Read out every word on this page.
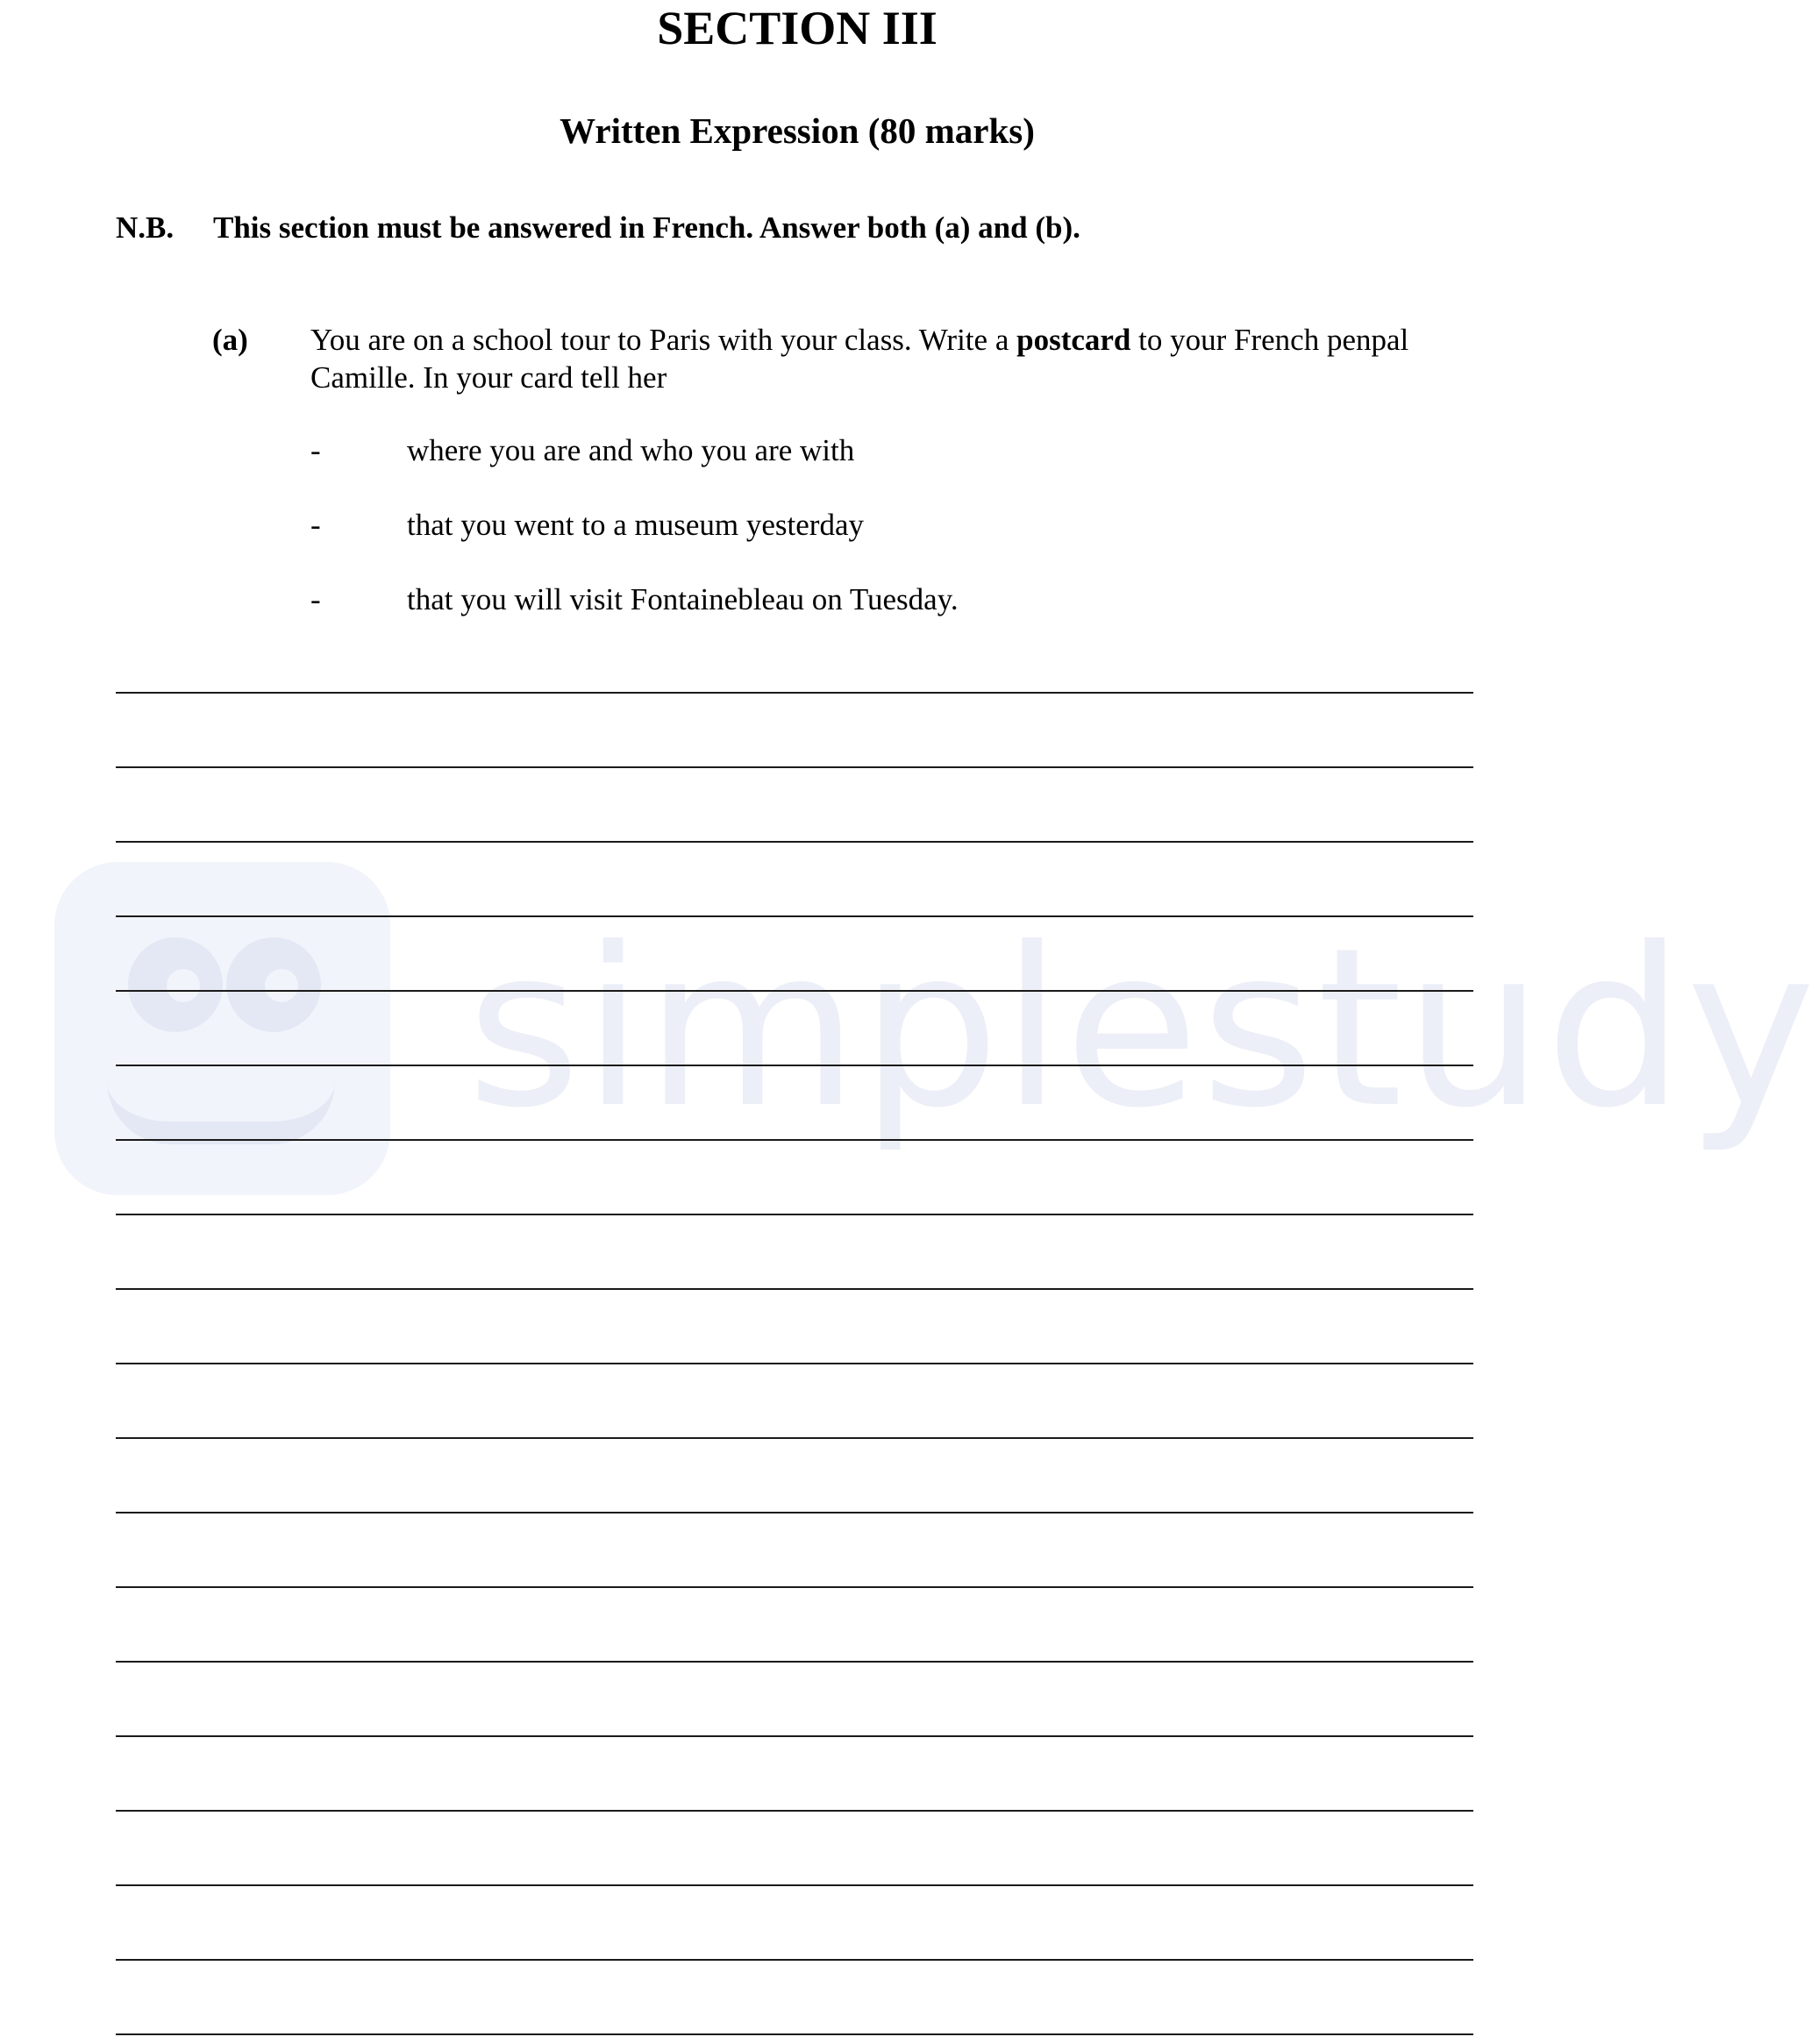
simplestudy
SECTION III
Written Expression (80 marks)
N.B. This section must be answered in French. Answer both (a) and (b).
(a) You are on a school tour to Paris with your class. Write a postcard to your French penpal Camille. In your card tell her
-	where you are and who you are with
-	that you went to a museum yesterday
-	that you will visit Fontainebleau on Tuesday.
